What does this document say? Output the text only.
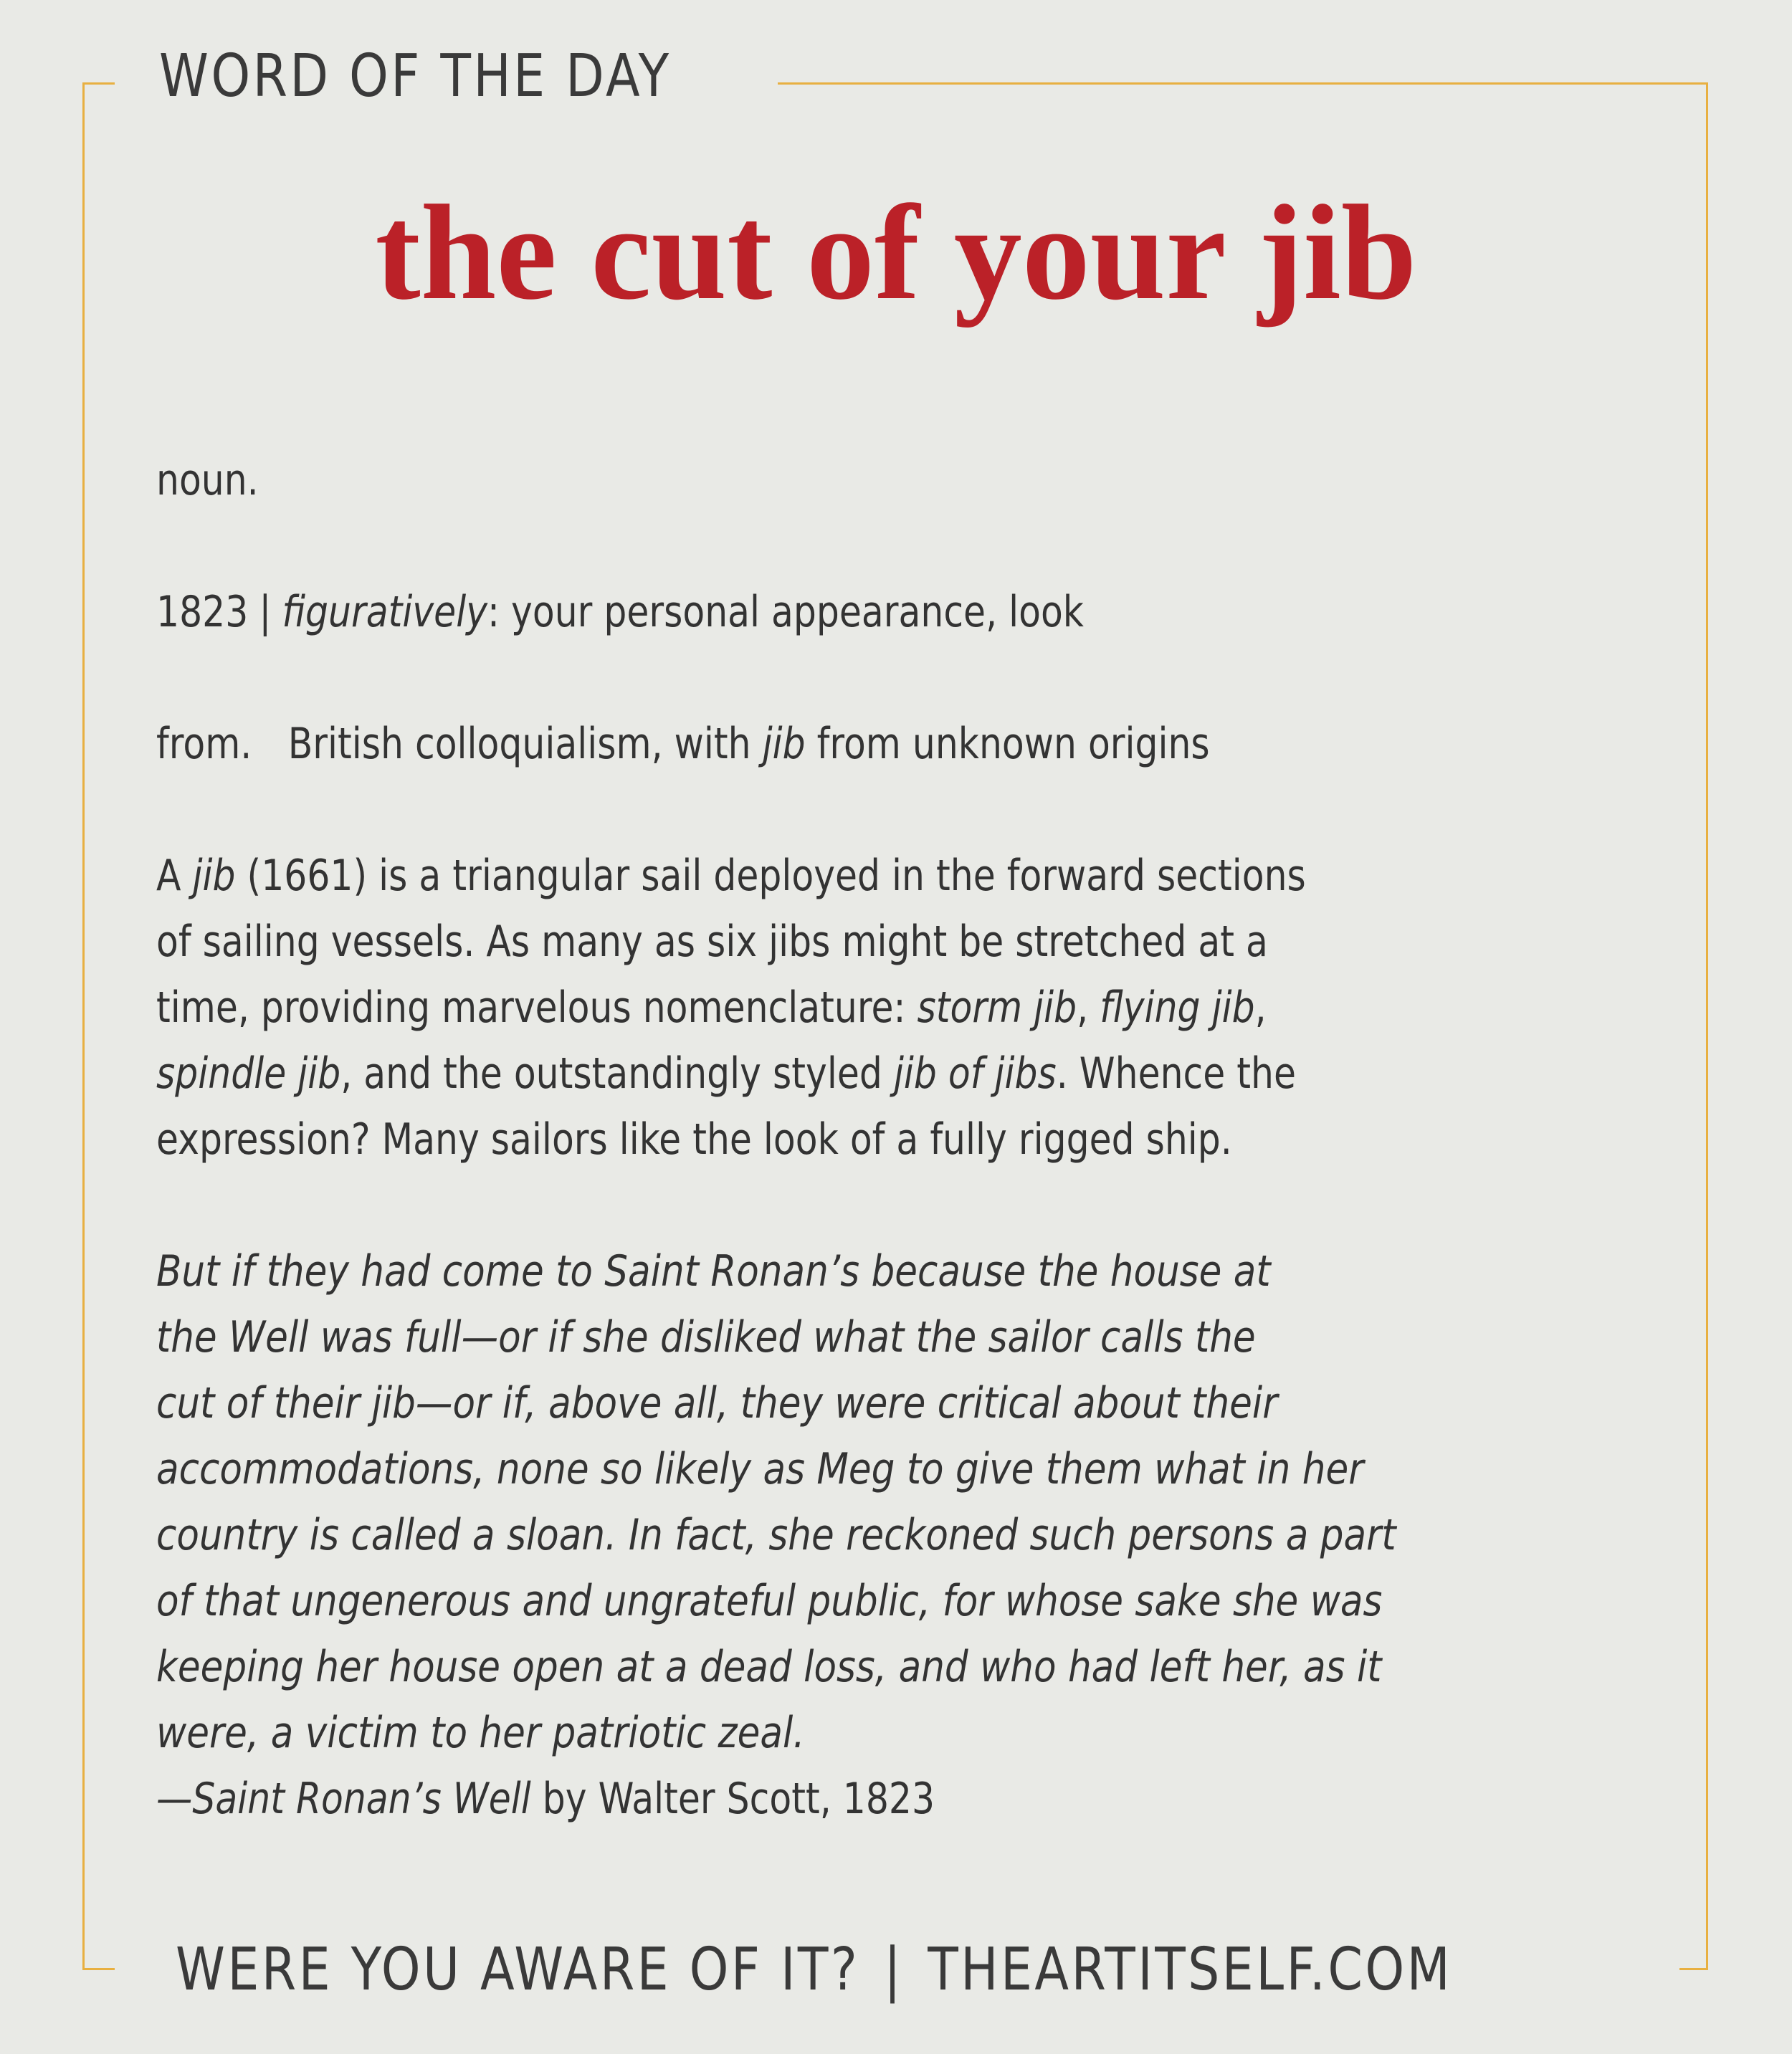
WORD OF THE DAY
the cut of your jib
noun.
1823 | figuratively: your personal appearance, look
from. British colloquialism, with jib from unknown origins
A jib (1661) is a triangular sail deployed in the forward sections
of sailing vessels. As many as six jibs might be stretched at a
time, providing marvelous nomenclature: storm jib, flying jib,
spindle jib, and the outstandingly styled jib of jibs. Whence the
expression? Many sailors like the look of a fully rigged ship.
But if they had come to Saint Ronan’s because the house at
the Well was full—or if she disliked what the sailor calls the
cut of their jib—or if, above all, they were critical about their
accommodations, none so likely as Meg to give them what in her
country is called a sloan. In fact, she reckoned such persons a part
of that ungenerous and ungrateful public, for whose sake she was
keeping her house open at a dead loss, and who had left her, as it
were, a victim to her patriotic zeal.
—Saint Ronan’s Well by Walter Scott, 1823
WERE YOU AWARE OF IT? | THEARTITSELF.COM
